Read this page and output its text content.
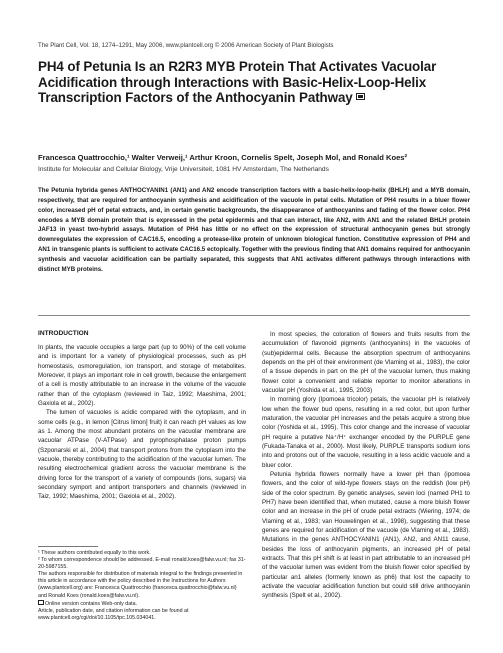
The Plant Cell, Vol. 18, 1274–1291, May 2006, www.plantcell.org © 2006 American Society of Plant Biologists
PH4 of Petunia Is an R2R3 MYB Protein That Activates Vacuolar Acidification through Interactions with Basic-Helix-Loop-Helix Transcription Factors of the Anthocyanin Pathway
Francesca Quattrocchio,¹ Walter Verweij,¹ Arthur Kroon, Cornelis Spelt, Joseph Mol, and Ronald Koes²
Institute for Molecular and Cellular Biology, Vrije Universiteit, 1081 HV Amsterdam, The Netherlands
The Petunia hybrida genes ANTHOCYANIN1 (AN1) and AN2 encode transcription factors with a basic-helix-loop-helix (BHLH) and a MYB domain, respectively, that are required for anthocyanin synthesis and acidification of the vacuole in petal cells. Mutation of PH4 results in a bluer flower color, increased pH of petal extracts, and, in certain genetic backgrounds, the disappearance of anthocyanins and fading of the flower color. PH4 encodes a MYB domain protein that is expressed in the petal epidermis and that can interact, like AN2, with AN1 and the related BHLH protein JAF13 in yeast two-hybrid assays. Mutation of PH4 has little or no effect on the expression of structural anthocyanin genes but strongly downregulates the expression of CAC16.5, encoding a protease-like protein of unknown biological function. Constitutive expression of PH4 and AN1 in transgenic plants is sufficient to activate CAC16.5 ectopically. Together with the previous finding that AN1 domains required for anthocyanin synthesis and vacuolar acidification can be partially separated, this suggests that AN1 activates different pathways through interactions with distinct MYB proteins.
INTRODUCTION

In plants, the vacuole occupies a large part (up to 90%) of the cell volume and is important for a variety of physiological processes, such as pH homeostasis, osmoregulation, ion transport, and storage of metabolites. Moreover, it plays an important role in cell growth, because the enlargement of a cell is mostly attributable to an increase in the volume of the vacuole rather than of the cytoplasm (reviewed in Taiz, 1992; Maeshima, 2001; Gaxiola et al., 2002).

The lumen of vacuoles is acidic compared with the cytoplasm, and in some cells (e.g., in lemon [Citrus limon] fruit) it can reach pH values as low as 1. Among the most abundant proteins on the vacuolar membrane are vacuolar ATPase (V-ATPase) and pyrophosphatase proton pumps (Szponarski et al., 2004) that transport protons from the cytoplasm into the vacuole, thereby contributing to the acidification of the vacuolar lumen. The resulting electrochemical gradient across the vacuolar membrane is the driving force for the transport of a variety of compounds (ions, sugars) via secondary symport and antiport transporters and channels (reviewed in Taiz, 1992; Maeshima, 2001; Gaxiola et al., 2002).

¹ These authors contributed equally to this work.

² To whom correspondence should be addressed. E-mail ronald.koes@falw.vu.nl; fax 31-20-5987155.

The authors responsible for distribution of materials integral to the findings presented in this article in accordance with the policy described in the Instructions for Authors (www.plantcell.org) are: Francesca Quattrocchio (francesca.quattrocchio@falw.vu.nl) and Ronald Koes (ronald.koes@falw.vu.nl).

Online version contains Web-only data.

Article, publication date, and citation information can be found at www.plantcell.org/cgi/doi/10.1105/tpc.105.034041.

In most species, the coloration of flowers and fruits results from the accumulation of flavonoid pigments (anthocyanins) in the vacuoles of (sub)epidermal cells. Because the absorption spectrum of anthocyanins depends on the pH of their environment (de Vlaming et al., 1983), the color of a tissue depends in part on the pH of the vacuolar lumen, thus making flower color a convenient and reliable reporter to monitor alterations in vacuolar pH (Yoshida et al., 1995, 2003)

In morning glory (Ipomoea tricolor) petals, the vacuolar pH is relatively low when the flower bud opens, resulting in a red color, but upon further maturation, the vacuolar pH increases and the petals acquire a strong blue color (Yoshida et al., 1995). This color change and the increase of vacuolar pH require a putative Na⁺/H⁺ exchanger encoded by the PURPLE gene (Fukada-Tanaka et al., 2000). Most likely, PURPLE transports sodium ions into and protons out of the vacuole, resulting in a less acidic vacuole and a bluer color.

Petunia hybrida flowers normally have a lower pH than (ipomoea flowers, and the color of wild-type flowers stays on the reddish (low pH) side of the color spectrum. By genetic analyses, seven loci (named PH1 to PH7) have been identified that, when mutated, cause a more bluish flower color and an increase in the pH of crude petal extracts (Wiering, 1974; de Vlaming et al., 1983; van Houwelingen et al., 1998), suggesting that these genes are required for acidification of the vacuole (de Vlaming et al., 1983). Mutations in the genes ANTHOCYANIN1 (AN1), AN2, and AN11 cause, besides the loss of anthocyanin pigments, an increased pH of petal extracts. That this pH shift is at least in part attributable to an increased pH of the vacuolar lumen was evident from the bluish flower color specified by particular an1 alleles (formerly known as ph6) that lost the capacity to activate the vacuolar acidification function but could still drive anthocyanin synthesis (Spelt et al., 2002).
